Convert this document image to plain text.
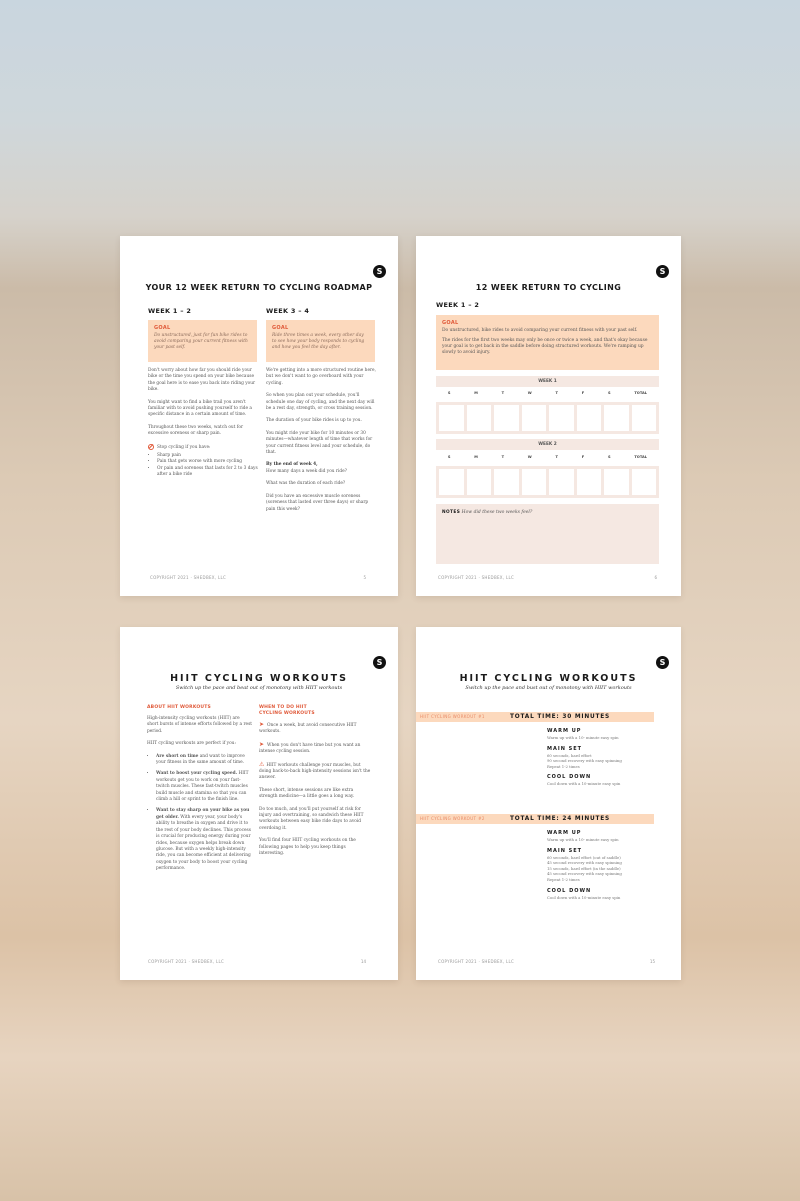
S
YOUR 12 WEEK RETURN TO CYCLING ROADMAP
WEEK 1 – 2
GOAL
Do unstructured, just for fun bike rides to avoid comparing your current fitness with your past self.

Don't worry about how far you should ride your bike or the time you spend on your bike because the goal here is to ease you back into riding your bike.

You might want to find a bike trail you aren't familiar with to avoid pushing yourself to ride a specific distance in a certain amount of time.

Throughout these two weeks, watch out for excessive soreness or sharp pain.

Stop cycling if you have:
• Sharp pain
• Pain that gets worse with more cycling
• Or pain and soreness that lasts for 2 to 3 days after a bike ride
WEEK 3 – 4
GOAL
Ride three times a week, every other day to see how your body responds to cycling and how you feel the day after.

We're getting into a more structured routine here, but we don't want to go overboard with your cycling.

So when you plan out your schedule, you'll schedule one day of cycling, and the next day will be a rest day, strength, or cross training session.

The duration of your bike rides is up to you.

You might ride your bike for 10 minutes or 30 minutes—whatever length of time that works for your current fitness level and your schedule, do that.

By the end of week 4,

How many days a week did you ride?

What was the duration of each ride?

Did you have an excessive muscle soreness (soreness that lasted over three days) or sharp pain this week?

COPYRIGHT 2021 · SHEDBEX, LLC	5
S
12 WEEK RETURN TO CYCLING
WEEK 1 – 2
GOAL
Do unstructured, bike rides to avoid comparing your current fitness with your past self.
The rides for the first two weeks may only be once or twice a week, and that's okay because your goal is to get back in the saddle before doing structured workouts. We're ramping up slowly to avoid injury.
WEEK 1
S	M	T	W	T	F	S	TOTAL
WEEK 2
S	M	T	W	T	F	S	TOTAL
NOTES How did these two weeks feel?
COPYRIGHT 2021 · SHEDBEX, LLC	6
S
HIIT CYCLING WORKOUTS
Switch up the pace and beat out of monotony with HIIT workouts
ABOUT HIIT WORKOUTS

High-intensity cycling workouts (HIIT) are short bursts of intense efforts followed by a rest period.

HIIT cycling workouts are perfect if you:

• Are short on time and want to improve your fitness in the same amount of time.
• Want to boost your cycling speed. HIIT workouts get you to work on your fast-twitch muscles. These fast-twitch muscles build muscle and stamina so that you can climb a hill or sprint to the finish line.
• Want to stay sharp on your bike as you get older. With every year, your body's ability to breathe in oxygen and drive it to the rest of your body declines. This process is crucial for producing energy during your rides, because oxygen helps break down glucose. But with a weekly high-intensity ride, you can become efficient at delivering oxygen to your body to boost your cycling performance.
WHEN TO DO HIIT CYCLING WORKOUTS

➤ Once a week, but avoid consecutive HIIT workouts.

➤ When you don't have time but you want an intense cycling session.

⚠ HIIT workouts challenge your muscles, but doing back-to-back high-intensity sessions isn't the answer.

These short, intense sessions are like extra strength medicine—a little goes a long way.

Do too much, and you'll put yourself at risk for injury and overtraining, so sandwich these HIIT workouts between easy bike ride days to avoid overdoing it.

You'll find four HIIT cycling workouts on the following pages to help you keep things interesting.

COPYRIGHT 2021 · SHEDBEX, LLC	14
S
HIIT CYCLING WORKOUTS
Switch up the pace and bust out of monotony with HIIT workouts
HIIT CYCLING WORKOUT #1	TOTAL TIME: 30 MINUTES
WARM UP
Warm up with a 10- minute easy spin
MAIN SET
60 seconds, hard effort
90 second recovery with easy spinning
Repeat 1-2 times
COOL DOWN
Cool down with a 10-minute easy spin
HIIT CYCLING WORKOUT #2	TOTAL TIME: 24 MINUTES
WARM UP
Warm up with a 10- minute easy spin
MAIN SET
60 seconds, hard effort (out of saddle)
45 second recovery with easy spinning
15 seconds, hard effort (in the saddle)
45 second recovery with easy spinning
Repeat 1-2 times
COOL DOWN
Cool down with a 10-minute easy spin
COPYRIGHT 2021 · SHEDBEX, LLC	15
